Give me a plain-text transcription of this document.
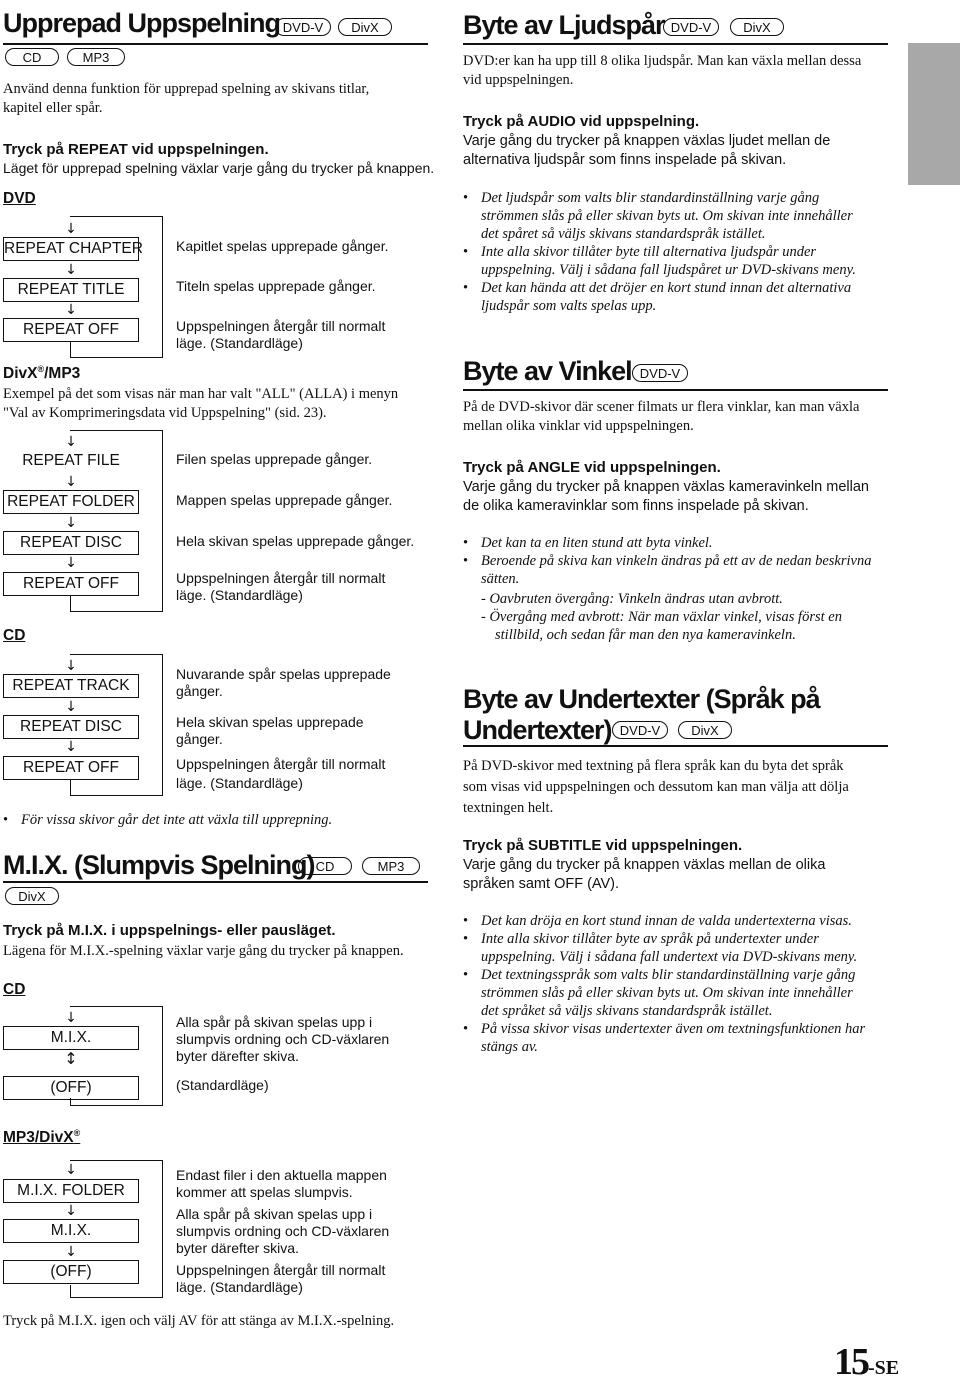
Upprepad Uppspelning DVD-V	DivX
CD	MP3
Använd denna funktion för upprepad spelning av skivans titlar,
kapitel eller spår.
Tryck på REPEAT vid uppspelningen.
Läget för upprepad spelning växlar varje gång du trycker på knappen.
DVD
↓
REPEAT CHAPTER
↓
REPEAT TITLE
↓
REPEAT OFF
Kapitlet spelas upprepade gånger.
Titeln spelas upprepade gånger.
Uppspelningen återgår till normalt
läge. (Standardläge)
DivX®/MP3
Exempel på det som visas när man har valt "ALL" (ALLA) i menyn
"Val av Komprimeringsdata vid Uppspelning" (sid. 23).
↓
REPEAT FILE
↓
REPEAT FOLDER
↓
REPEAT DISC
↓
REPEAT OFF
Filen spelas upprepade gånger.
Mappen spelas upprepade gånger.
Hela skivan spelas upprepade gånger.
Uppspelningen återgår till normalt
läge. (Standardläge)
CD
↓
REPEAT TRACK
↓
REPEAT DISC
↓
REPEAT OFF
Nuvarande spår spelas upprepade
gånger.
Hela skivan spelas upprepade
gånger.
Uppspelningen återgår till normalt
läge. (Standardläge)
• För vissa skivor går det inte att växla till upprepning.
M.I.X. (Slumpvis Spelning) CD	MP3
DivX
Tryck på M.I.X. i uppspelnings- eller pausläget.
Lägena för M.I.X.-spelning växlar varje gång du trycker på knappen.
CD
↓
M.I.X.
↕
(OFF)
Alla spår på skivan spelas upp i
slumpvis ordning och CD-växlaren
byter därefter skiva.
(Standardläge)
MP3/DivX®
↓
M.I.X. FOLDER
↓
M.I.X.
↓
(OFF)
Endast filer i den aktuella mappen
kommer att spelas slumpvis.
Alla spår på skivan spelas upp i
slumpvis ordning och CD-växlaren
byter därefter skiva.
Uppspelningen återgår till normalt
läge. (Standardläge)
Tryck på M.I.X. igen och välj AV för att stänga av M.I.X.-spelning.
Byte av Ljudspår DVD-V	DivX
DVD:er kan ha upp till 8 olika ljudspår. Man kan växla mellan dessa
vid uppspelningen.
Tryck på AUDIO vid uppspelning.
Varje gång du trycker på knappen växlas ljudet mellan de
alternativa ljudspår som finns inspelade på skivan.
• Det ljudspår som valts blir standardinställning varje gång
strömmen slås på eller skivan byts ut. Om skivan inte innehåller
det spåret så väljs skivans standardspråk istället.
• Inte alla skivor tillåter byte till alternativa ljudspår under
uppspelning. Välj i sådana fall ljudspåret ur DVD-skivans meny.
• Det kan hända att det dröjer en kort stund innan det alternativa
ljudspår som valts spelas upp.
Byte av Vinkel DVD-V
På de DVD-skivor där scener filmats ur flera vinklar, kan man växla
mellan olika vinklar vid uppspelningen.
Tryck på ANGLE vid uppspelningen.
Varje gång du trycker på knappen växlas kameravinkeln mellan
de olika kameravinklar som finns inspelade på skivan.
• Det kan ta en liten stund att byta vinkel.
• Beroende på skiva kan vinkeln ändras på ett av de nedan beskrivna
sätten.
- Oavbruten övergång: Vinkeln ändras utan avbrott.
- Övergång med avbrott: När man växlar vinkel, visas först en
stillbild, och sedan får man den nya kameravinkeln.
Byte av Undertexter (Språk på
Undertexter) DVD-V	DivX
På DVD-skivor med textning på flera språk kan du byta det språk
som visas vid uppspelningen och dessutom kan man välja att dölja
textningen helt.
Tryck på SUBTITLE vid uppspelningen.
Varje gång du trycker på knappen växlas mellan de olika
språken samt OFF (AV).
• Det kan dröja en kort stund innan de valda undertexterna visas.
• Inte alla skivor tillåter byte av språk på undertexter under
uppspelning. Välj i sådana fall undertext via DVD-skivans meny.
• Det textningsspråk som valts blir standardinställning varje gång
strömmen slås på eller skivan byts ut. Om skivan inte innehåller
det språket så väljs skivans standardspråk istället.
• På vissa skivor visas undertexter även om textningsfunktionen har
stängs av.
15-SE
